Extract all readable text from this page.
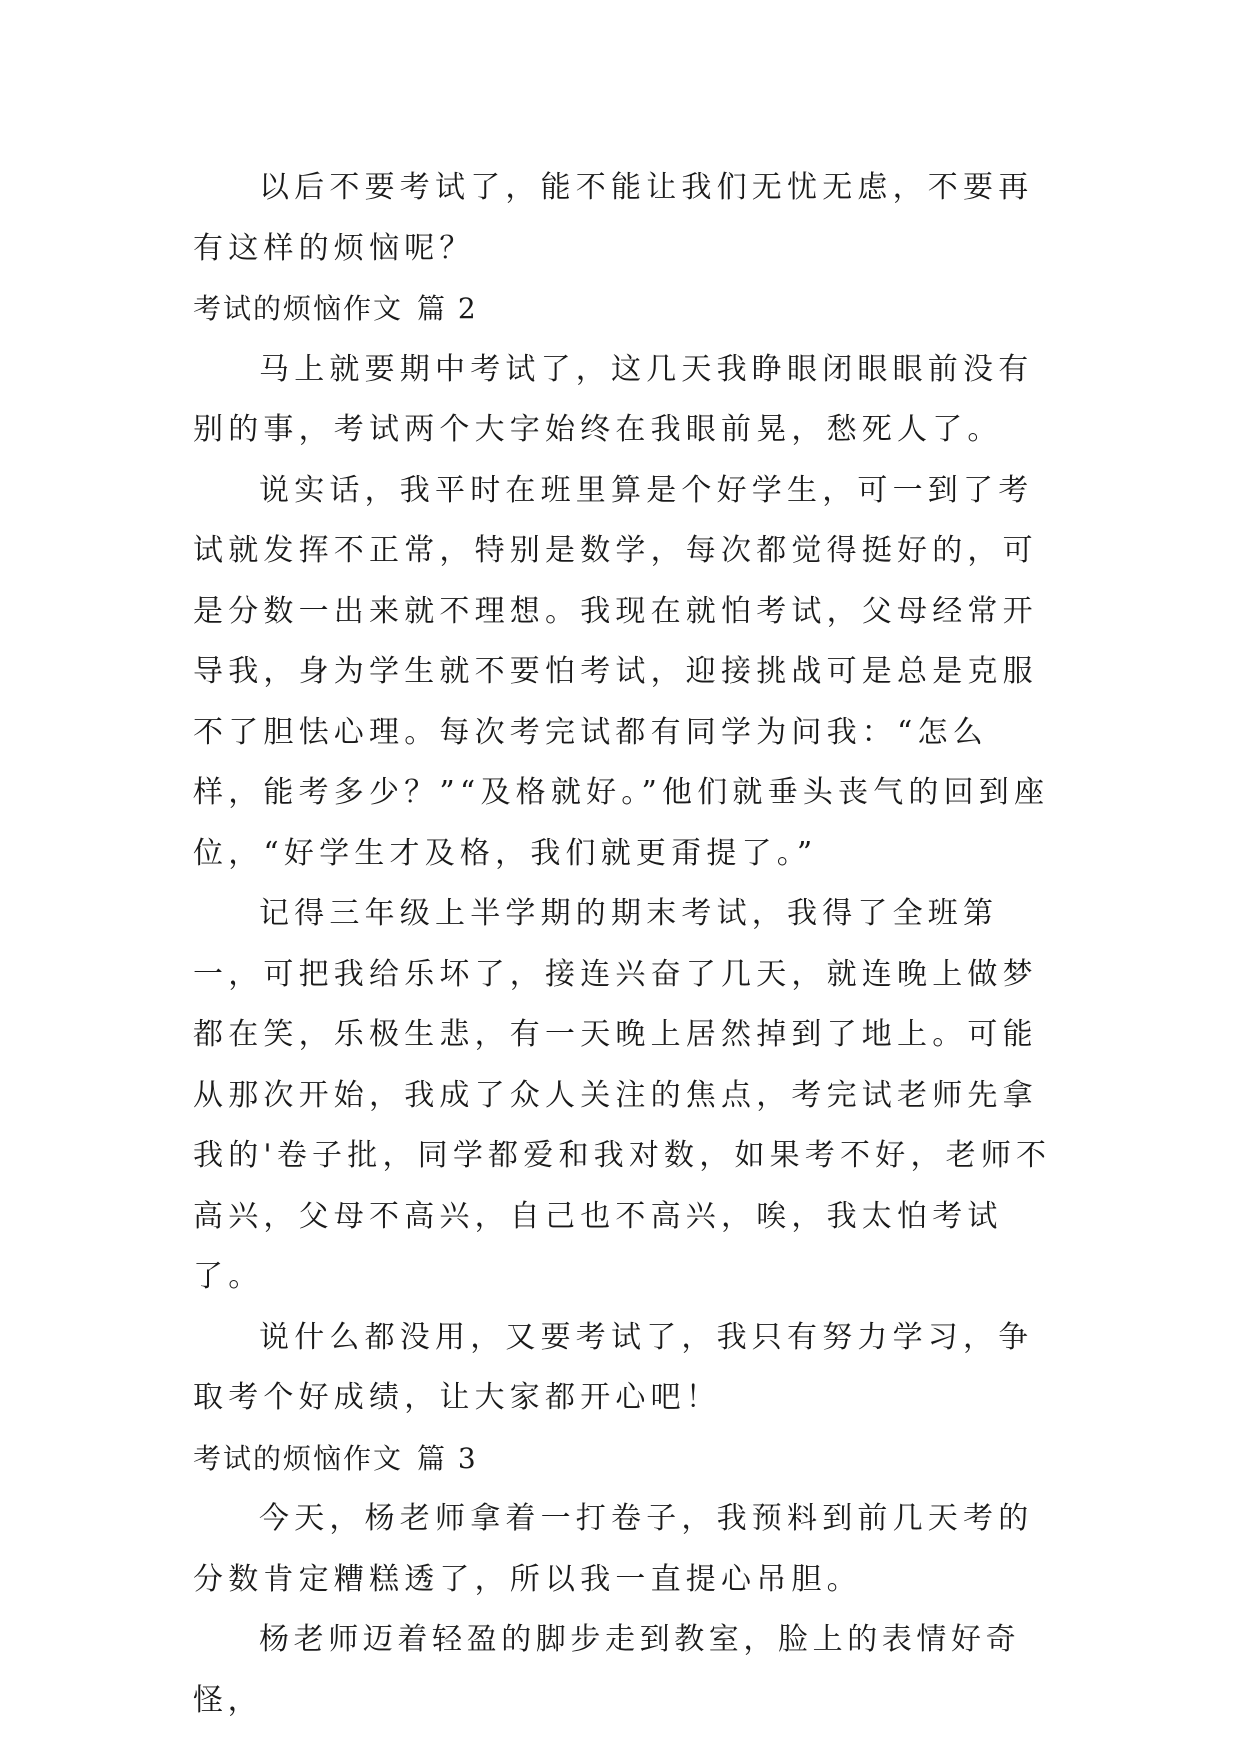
以后不要考试了，能不能让我们无忧无虑，不要再有这样的烦恼呢？

考试的烦恼作文 篇 2

马上就要期中考试了，这几天我睁眼闭眼眼前没有别的事，考试两个大字始终在我眼前晃，愁死人了。

说实话，我平时在班里算是个好学生，可一到了考试就发挥不正常，特别是数学，每次都觉得挺好的，可是分数一出来就不理想。我现在就怕考试，父母经常开导我，身为学生就不要怕考试，迎接挑战可是总是克服不了胆怯心理。每次考完试都有同学为问我：“怎么样，能考多少？”“及格就好。”他们就垂头丧气的回到座位，“好学生才及格，我们就更甭提了。”

记得三年级上半学期的期末考试，我得了全班第一，可把我给乐坏了，接连兴奋了几天，就连晚上做梦都在笑，乐极生悲，有一天晚上居然掉到了地上。可能从那次开始，我成了众人关注的焦点，考完试老师先拿我的'卷子批，同学都爱和我对数，如果考不好，老师不高兴，父母不高兴，自己也不高兴，唉，我太怕考试了。

说什么都没用，又要考试了，我只有努力学习，争取考个好成绩，让大家都开心吧！

考试的烦恼作文 篇 3

今天，杨老师拿着一打卷子，我预料到前几天考的分数肯定糟糕透了，所以我一直提心吊胆。

杨老师迈着轻盈的脚步走到教室，脸上的表情好奇怪，
